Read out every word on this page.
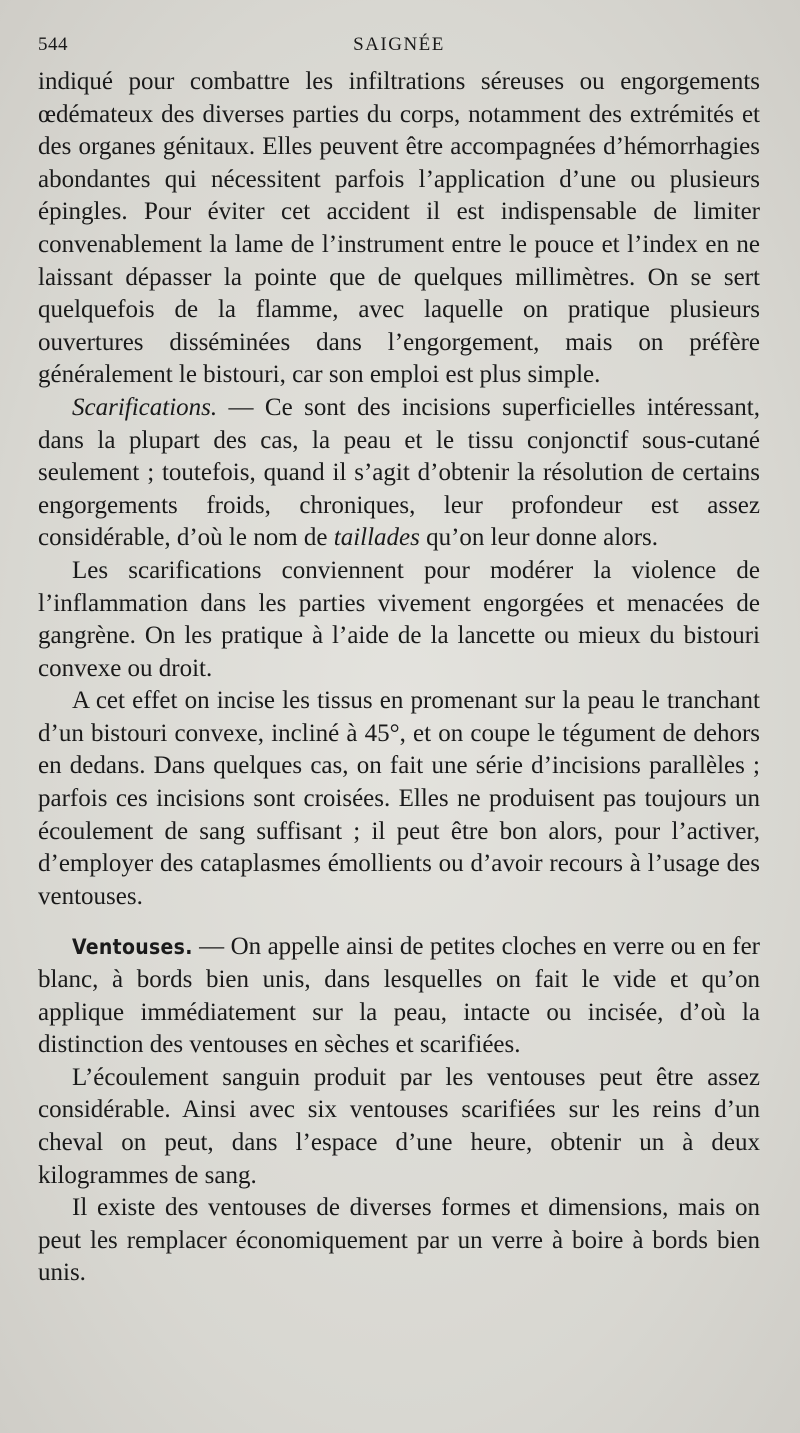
544	SAIGNÉE

indiqué pour combattre les infiltrations séreuses ou engorgements œdémateux des diverses parties du corps, notamment des extrémités et des organes génitaux. Elles peuvent être accompagnées d’hémorrhagies abondantes qui nécessitent parfois l’application d’une ou plusieurs épingles. Pour éviter cet accident il est indispensable de limiter convenablement la lame de l’instrument entre le pouce et l’index en ne laissant dépasser la pointe que de quelques millimètres. On se sert quelquefois de la flamme, avec laquelle on pratique plusieurs ouvertures disséminées dans l’engorgement, mais on préfère généralement le bistouri, car son emploi est plus simple.

Scarifications. — Ce sont des incisions superficielles intéressant, dans la plupart des cas, la peau et le tissu conjonctif sous-cutané seulement ; toutefois, quand il s’agit d’obtenir la résolution de certains engorgements froids, chroniques, leur profondeur est assez considérable, d’où le nom de taillades qu’on leur donne alors.

Les scarifications conviennent pour modérer la violence de l’inflammation dans les parties vivement engorgées et menacées de gangrène. On les pratique à l’aide de la lancette ou mieux du bistouri convexe ou droit.

A cet effet on incise les tissus en promenant sur la peau le tranchant d’un bistouri convexe, incliné à 45°, et on coupe le tégument de dehors en dedans. Dans quelques cas, on fait une série d’incisions parallèles ; parfois ces incisions sont croisées. Elles ne produisent pas toujours un écoulement de sang suffisant ; il peut être bon alors, pour l’activer, d’employer des cataplasmes émollients ou d’avoir recours à l’usage des ventouses.

Ventouses. — On appelle ainsi de petites cloches en verre ou en fer blanc, à bords bien unis, dans lesquelles on fait le vide et qu’on applique immédiatement sur la peau, intacte ou incisée, d’où la distinction des ventouses en sèches et scarifiées.

L’écoulement sanguin produit par les ventouses peut être assez considérable. Ainsi avec six ventouses scarifiées sur les reins d’un cheval on peut, dans l’espace d’une heure, obtenir un à deux kilogrammes de sang.

Il existe des ventouses de diverses formes et dimensions, mais on peut les remplacer économiquement par un verre à boire à bords bien unis.
